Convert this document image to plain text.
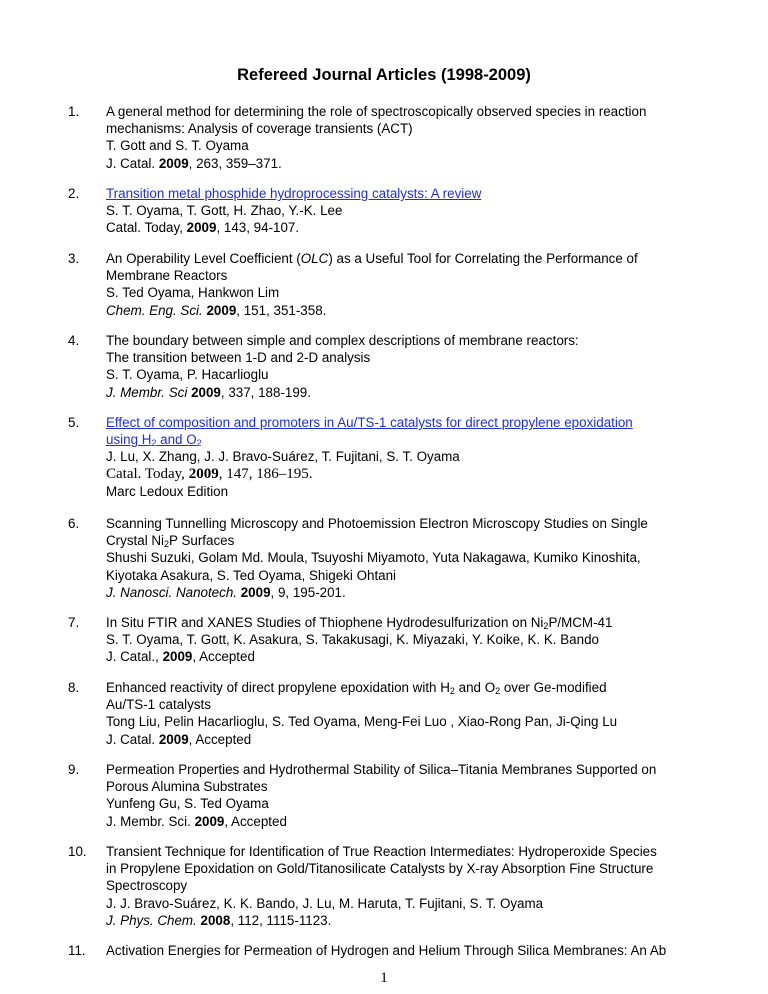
Refereed Journal Articles (1998-2009)
1. A general method for determining the role of spectroscopically observed species in reaction
mechanisms: Analysis of coverage transients (ACT)
T. Gott and S. T. Oyama
J. Catal. 2009, 263, 359–371.
2. Transition metal phosphide hydroprocessing catalysts: A review
S. T. Oyama, T. Gott, H. Zhao, Y.-K. Lee
Catal. Today, 2009, 143, 94-107.
3. An Operability Level Coefficient (OLC) as a Useful Tool for Correlating the Performance of
Membrane Reactors
S. Ted Oyama, Hankwon Lim
Chem. Eng. Sci. 2009, 151, 351-358.
4. The boundary between simple and complex descriptions of membrane reactors:
The transition between 1-D and 2-D analysis
S. T. Oyama, P. Hacarlioglu
J. Membr. Sci 2009, 337, 188-199.
5. Effect of composition and promoters in Au/TS-1 catalysts for direct propylene epoxidation
using $H_2$ and $O_2$
J. Lu, X. Zhang, J. J. Bravo-Suárez, T. Fujitani, S. T. Oyama
Catal. Today, 2009, 147, 186–195.
Marc Ledoux Edition
6. Scanning Tunnelling Microscopy and Photoemission Electron Microscopy Studies on Single
Crystal $Ni_2P$ Surfaces
Shushi Suzuki, Golam Md. Moula, Tsuyoshi Miyamoto, Yuta Nakagawa, Kumiko Kinoshita,
Kiyotaka Asakura, S. Ted Oyama, Shigeki Ohtani
J. Nanosci. Nanotech. 2009, 9, 195-201.
7. In Situ FTIR and XANES Studies of Thiophene Hydrodesulfurization on $Ni_2P/MCM-41$
S. T. Oyama, T. Gott, K. Asakura, S. Takakusagi, K. Miyazaki, Y. Koike, K. K. Bando
J. Catal., 2009, Accepted
8. Enhanced reactivity of direct propylene epoxidation with $H_2$ and $O_2$ over Ge-modified
Au/TS-1 catalysts
Tong Liu, Pelin Hacarlioglu, S. Ted Oyama, Meng-Fei Luo , Xiao-Rong Pan, Ji-Qing Lu
J. Catal. 2009, Accepted
9. Permeation Properties and Hydrothermal Stability of Silica–Titania Membranes Supported on
Porous Alumina Substrates
Yunfeng Gu, S. Ted Oyama
J. Membr. Sci. 2009, Accepted
10. Transient Technique for Identification of True Reaction Intermediates: Hydroperoxide Species
in Propylene Epoxidation on Gold/Titanosilicate Catalysts by X-ray Absorption Fine Structure
Spectroscopy
J. J. Bravo-Suárez, K. K. Bando, J. Lu, M. Haruta, T. Fujitani, S. T. Oyama
J. Phys. Chem. 2008, 112, 1115-1123.
11. Activation Energies for Permeation of Hydrogen and Helium Through Silica Membranes: An Ab
1
